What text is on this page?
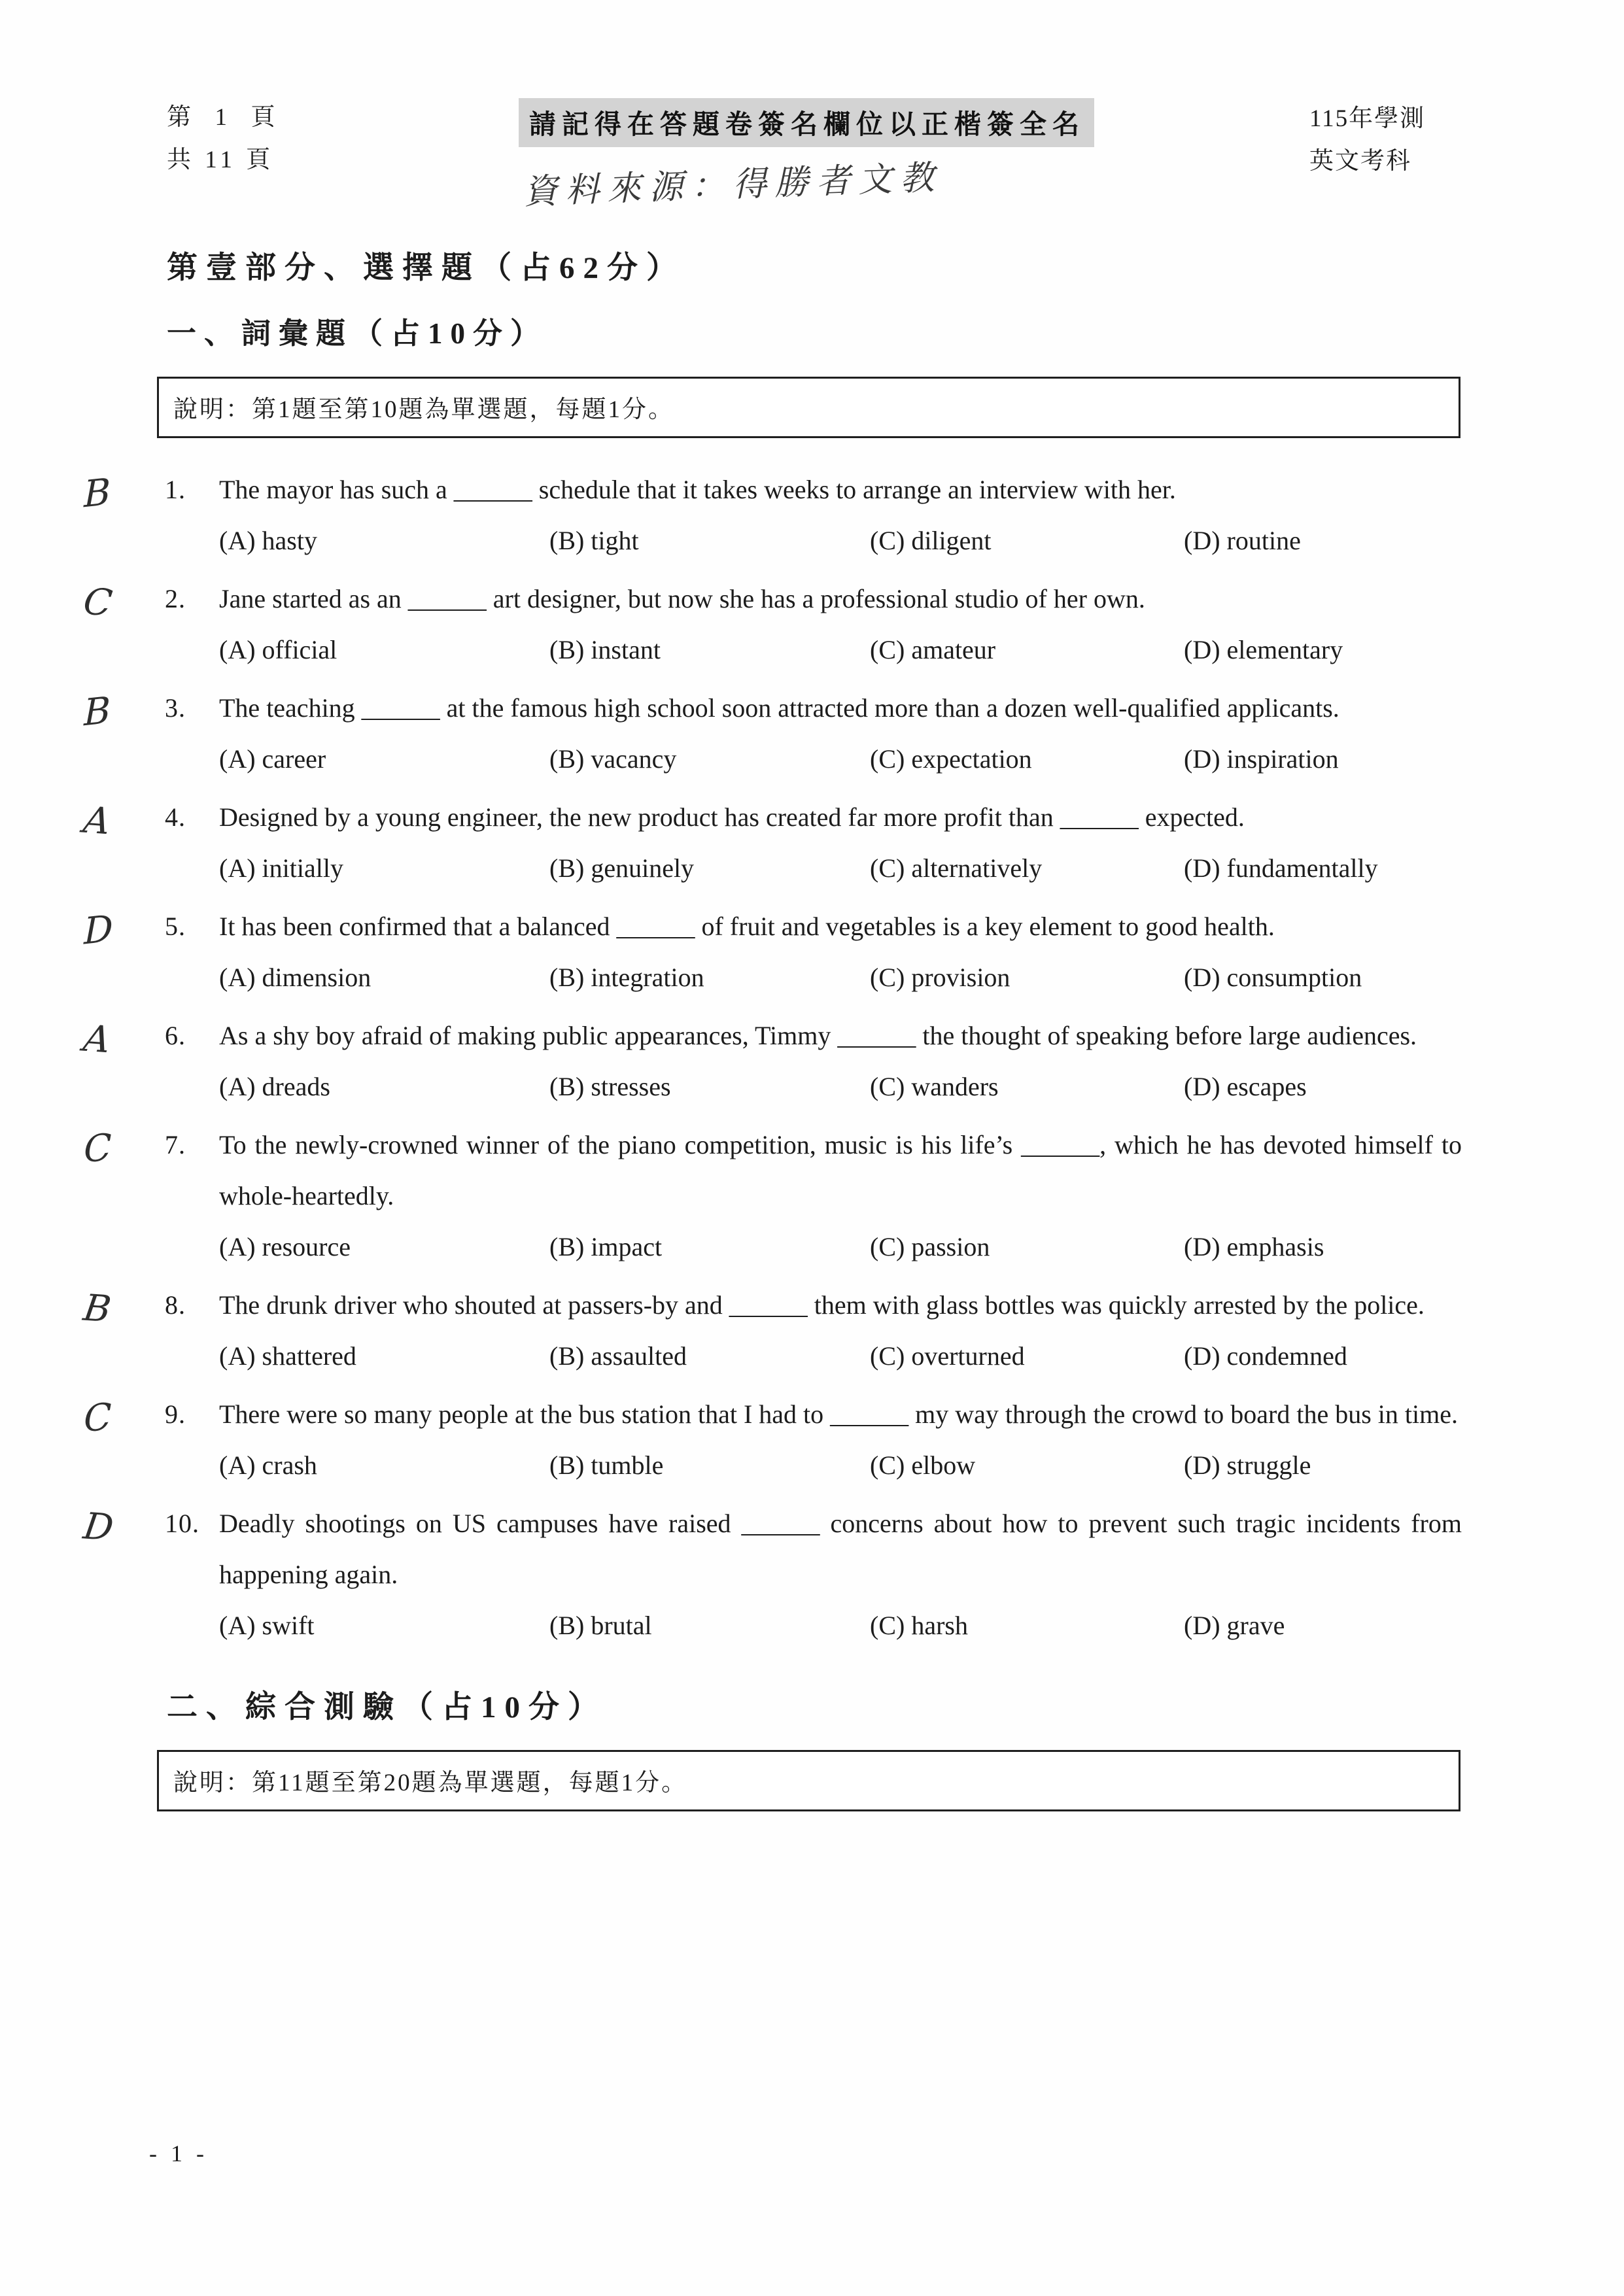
第  1  頁
共 11 頁
請記得在答題卷簽名欄位以正楷簽全名
資料來源：得勝者文教
115年學測
英文考科
第壹部分、選擇題（占62分）
一、詞彙題（占10分）
說明：第1題至第10題為單選題，每題1分。
B 1. The mayor has such a ______ schedule that it takes weeks to arrange an interview with her.
(A) hasty	(B) tight	(C) diligent	(D) routine
C 2. Jane started as an ______ art designer, but now she has a professional studio of her own.
(A) official	(B) instant	(C) amateur	(D) elementary
B 3. The teaching ______ at the famous high school soon attracted more than a dozen well-qualified applicants.
(A) career	(B) vacancy	(C) expectation	(D) inspiration
A 4. Designed by a young engineer, the new product has created far more profit than ______ expected.
(A) initially	(B) genuinely	(C) alternatively	(D) fundamentally
D 5. It has been confirmed that a balanced ______ of fruit and vegetables is a key element to good health.
(A) dimension	(B) integration	(C) provision	(D) consumption
A 6. As a shy boy afraid of making public appearances, Timmy ______ the thought of speaking before large audiences.
(A) dreads	(B) stresses	(C) wanders	(D) escapes
C 7. To the newly-crowned winner of the piano competition, music is his life’s ______, which he has devoted himself to whole-heartedly.
(A) resource	(B) impact	(C) passion	(D) emphasis
B 8. The drunk driver who shouted at passers-by and ______ them with glass bottles was quickly arrested by the police.
(A) shattered	(B) assaulted	(C) overturned	(D) condemned
C 9. There were so many people at the bus station that I had to ______ my way through the crowd to board the bus in time.
(A) crash	(B) tumble	(C) elbow	(D) struggle
D 10. Deadly shootings on US campuses have raised ______ concerns about how to prevent such tragic incidents from happening again.
(A) swift	(B) brutal	(C) harsh	(D) grave
二、綜合測驗（占10分）
說明：第11題至第20題為單選題，每題1分。
- 1 -
